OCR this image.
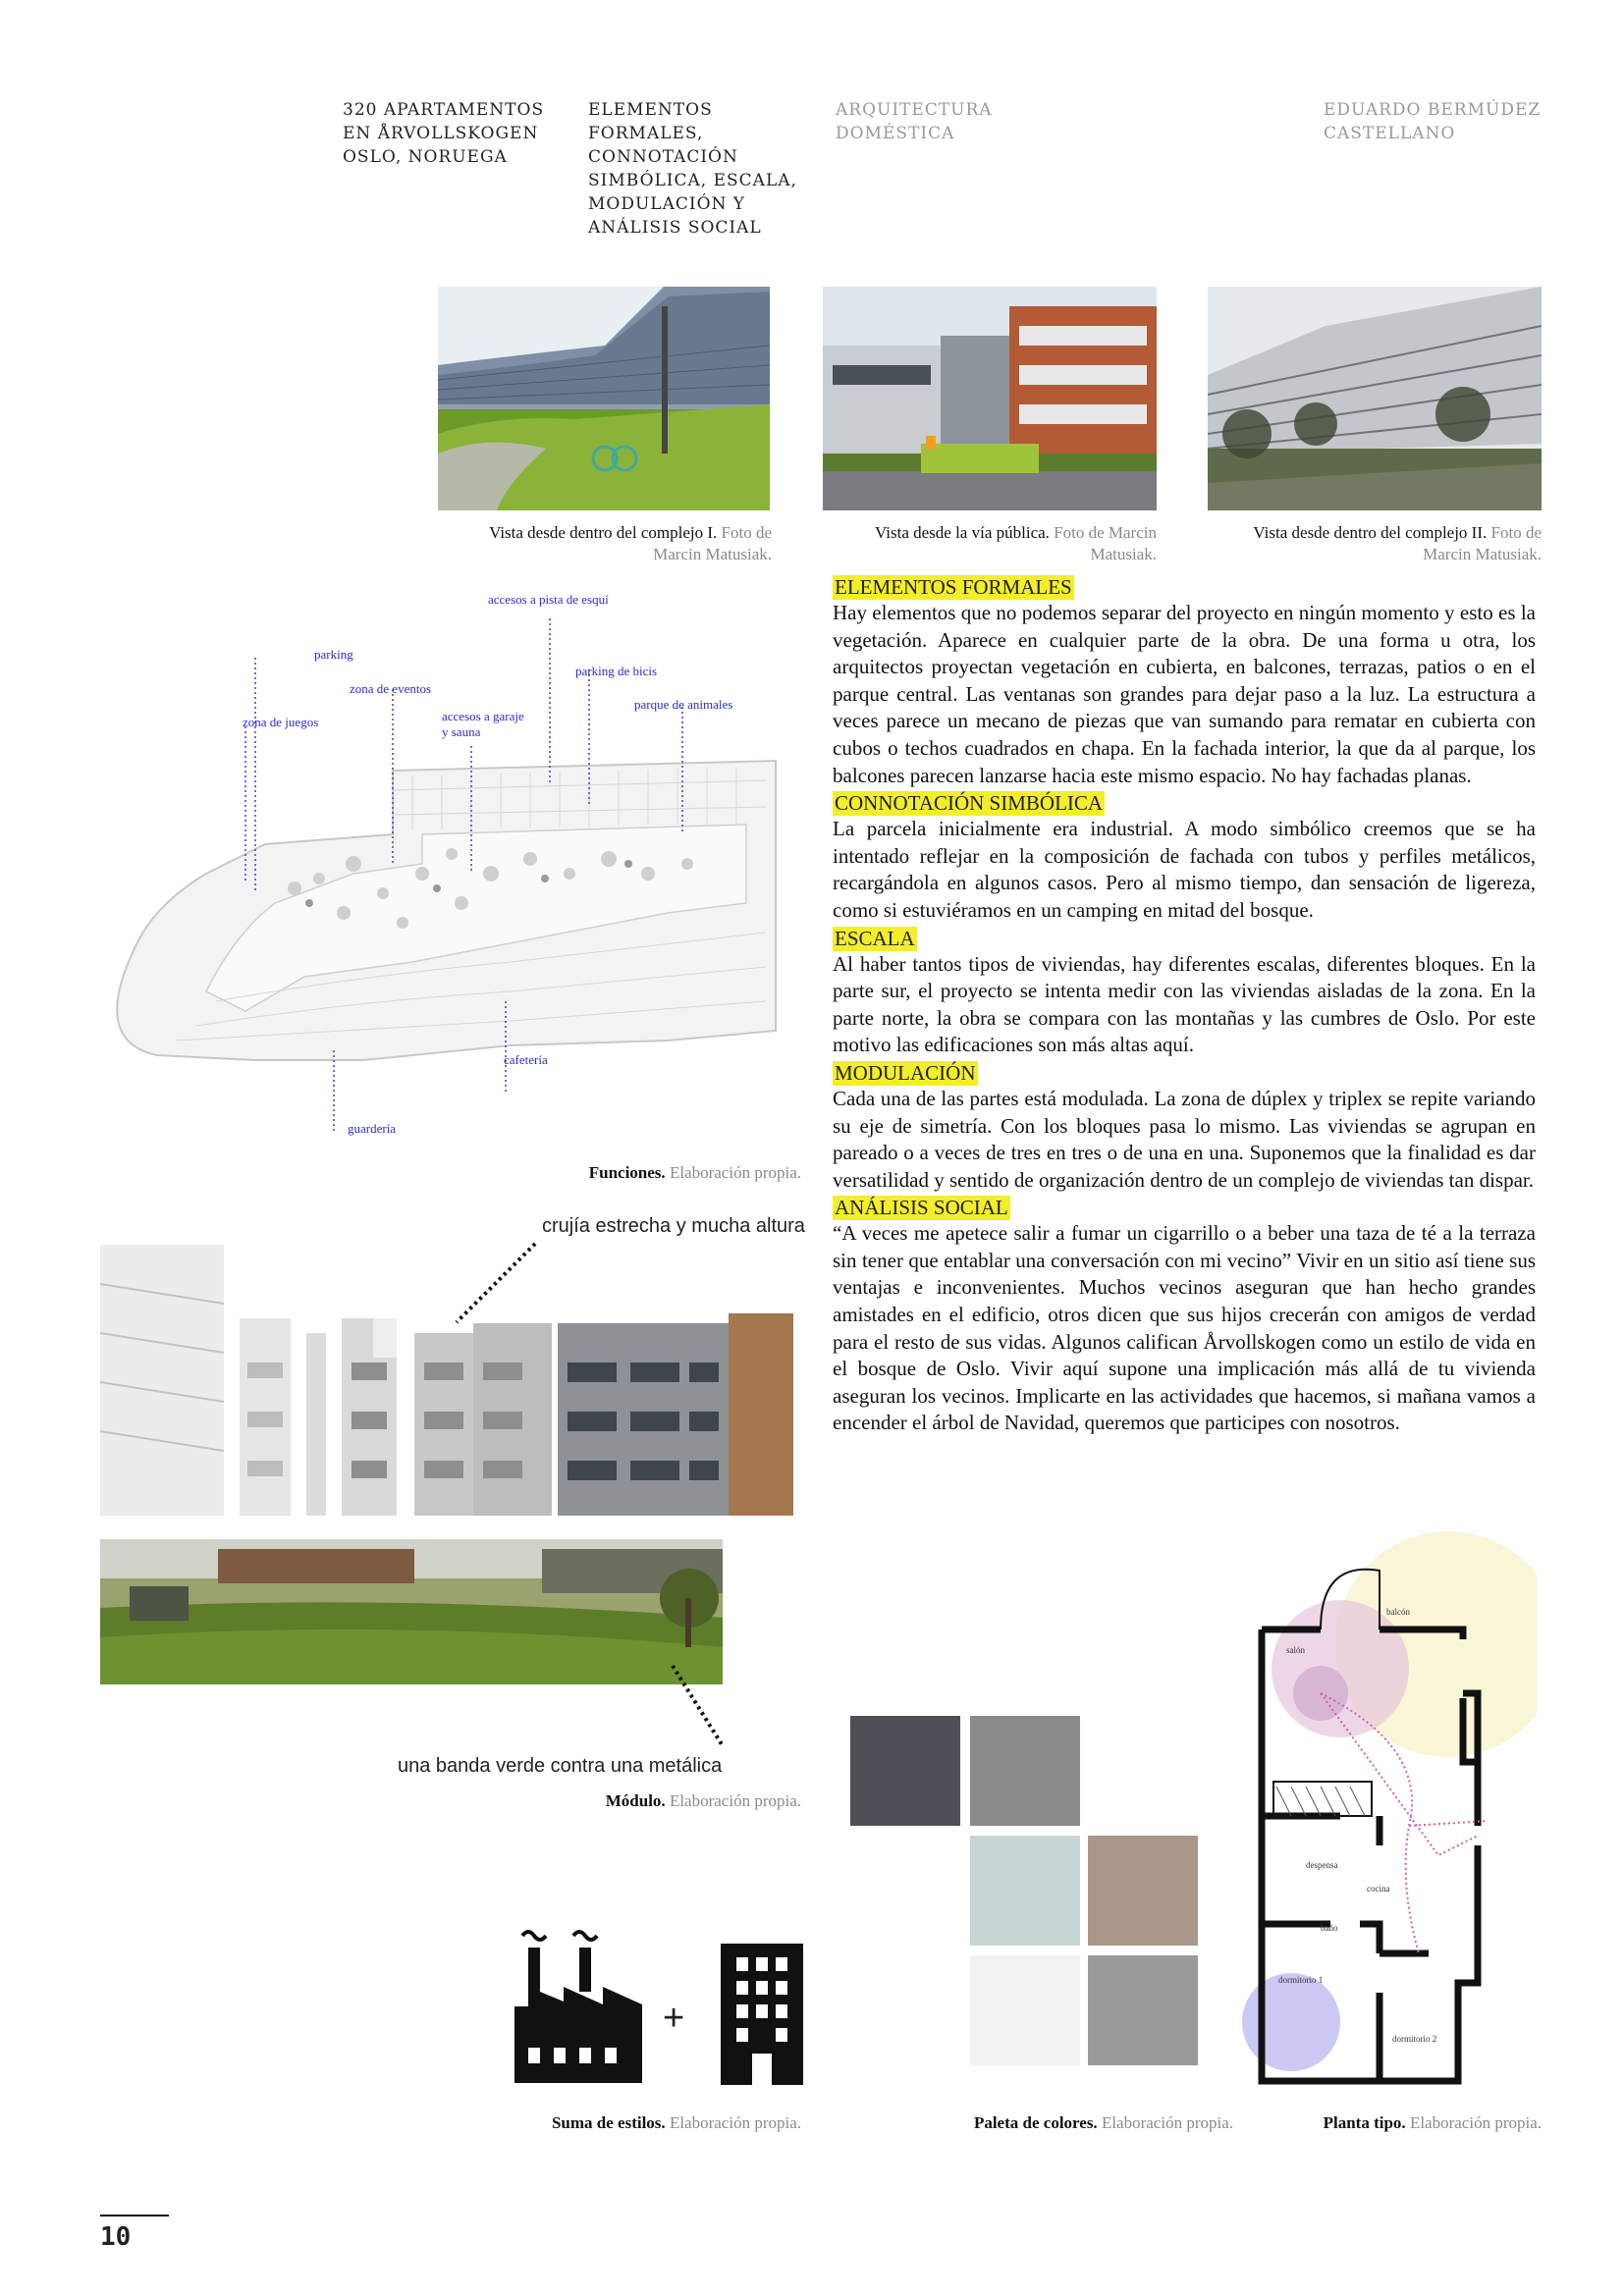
320 APARTAMENTOS
EN ÅRVOLLSKOGEN
OSLO, NORUEGA
ELEMENTOS
FORMALES,
CONNOTACIÓN
SIMBÓLICA, ESCALA,
MODULACIÓN Y
ANÁLISIS SOCIAL
ARQUITECTURA
DOMÉSTICA
EDUARDO BERMÚDEZ
CASTELLANO
Vista desde dentro del complejo I. Foto de
Marcin Matusiak.
Vista desde la vía pública. Foto de Marcin
Matusiak.
Vista desde dentro del complejo II. Foto de
Marcin Matusiak.
accesos a pista de esquí
parking
parking de bicis
zona de eventos
accesos a garaje
y sauna
parque de animales
zona de juegos
cafetería
guardería
Funciones. Elaboración propia.
crujía estrecha y mucha altura
una banda verde contra una metálica
Módulo. Elaboración propia.
ELEMENTOS FORMALES
Hay elementos que no podemos separar del proyecto en ningún momento y esto es la vegetación. Aparece en cualquier parte de la obra. De una forma u otra, los arquitectos proyectan vegetación en cubierta, en balcones, terrazas, patios o en el parque central. Las ventanas son grandes para dejar paso a la luz. La estructura a veces parece un mecano de piezas que van sumando para rematar en cubierta con cubos o techos cuadrados en chapa. En la fachada interior, la que da al parque, los balcones parecen lanzarse hacia este mismo espacio. No hay fachadas planas.
CONNOTACIÓN SIMBÓLICA
La parcela inicialmente era industrial. A modo simbólico creemos que se ha intentado reflejar en la composición de fachada con tubos y perfiles metálicos, recargándola en algunos casos. Pero al mismo tiempo, dan sensación de ligereza, como si estuviéramos en un camping en mitad del bosque.
ESCALA
Al haber tantos tipos de viviendas, hay diferentes escalas, diferentes bloques. En la parte sur, el proyecto se intenta medir con las viviendas aisladas de la zona. En la parte norte, la obra se compara con las montañas y las cumbres de Oslo. Por este motivo las edificaciones son más altas aquí.
MODULACIÓN
Cada una de las partes está modulada. La zona de dúplex y triplex se repite variando su eje de simetría. Con los bloques pasa lo mismo. Las viviendas se agrupan en pareado o a veces de tres en tres o de una en una. Suponemos que la finalidad es dar versatilidad y sentido de organización dentro de un complejo de viviendas tan dispar.
ANÁLISIS SOCIAL
“A veces me apetece salir a fumar un cigarrillo o a beber una taza de té a la terraza sin tener que entablar una conversación con mi vecino” Vivir en un sitio así tiene sus ventajas e inconvenientes. Muchos vecinos aseguran que han hecho grandes amistades en el edificio, otros dicen que sus hijos crecerán con amigos de verdad para el resto de sus vidas. Algunos califican Årvollskogen como un estilo de vida en el bosque de Oslo. Vivir aquí supone una implicación más allá de tu vivienda aseguran los vecinos. Implicarte en las actividades que hacemos, si mañana vamos a encender el árbol de Navidad, queremos que participes con nosotros.
balcón
salón
despensa
cocina
baño
dormitorio 1
dormitorio 2
+
Suma de estilos. Elaboración propia.	Paleta de colores. Elaboración propia.	Planta tipo. Elaboración propia.
10
